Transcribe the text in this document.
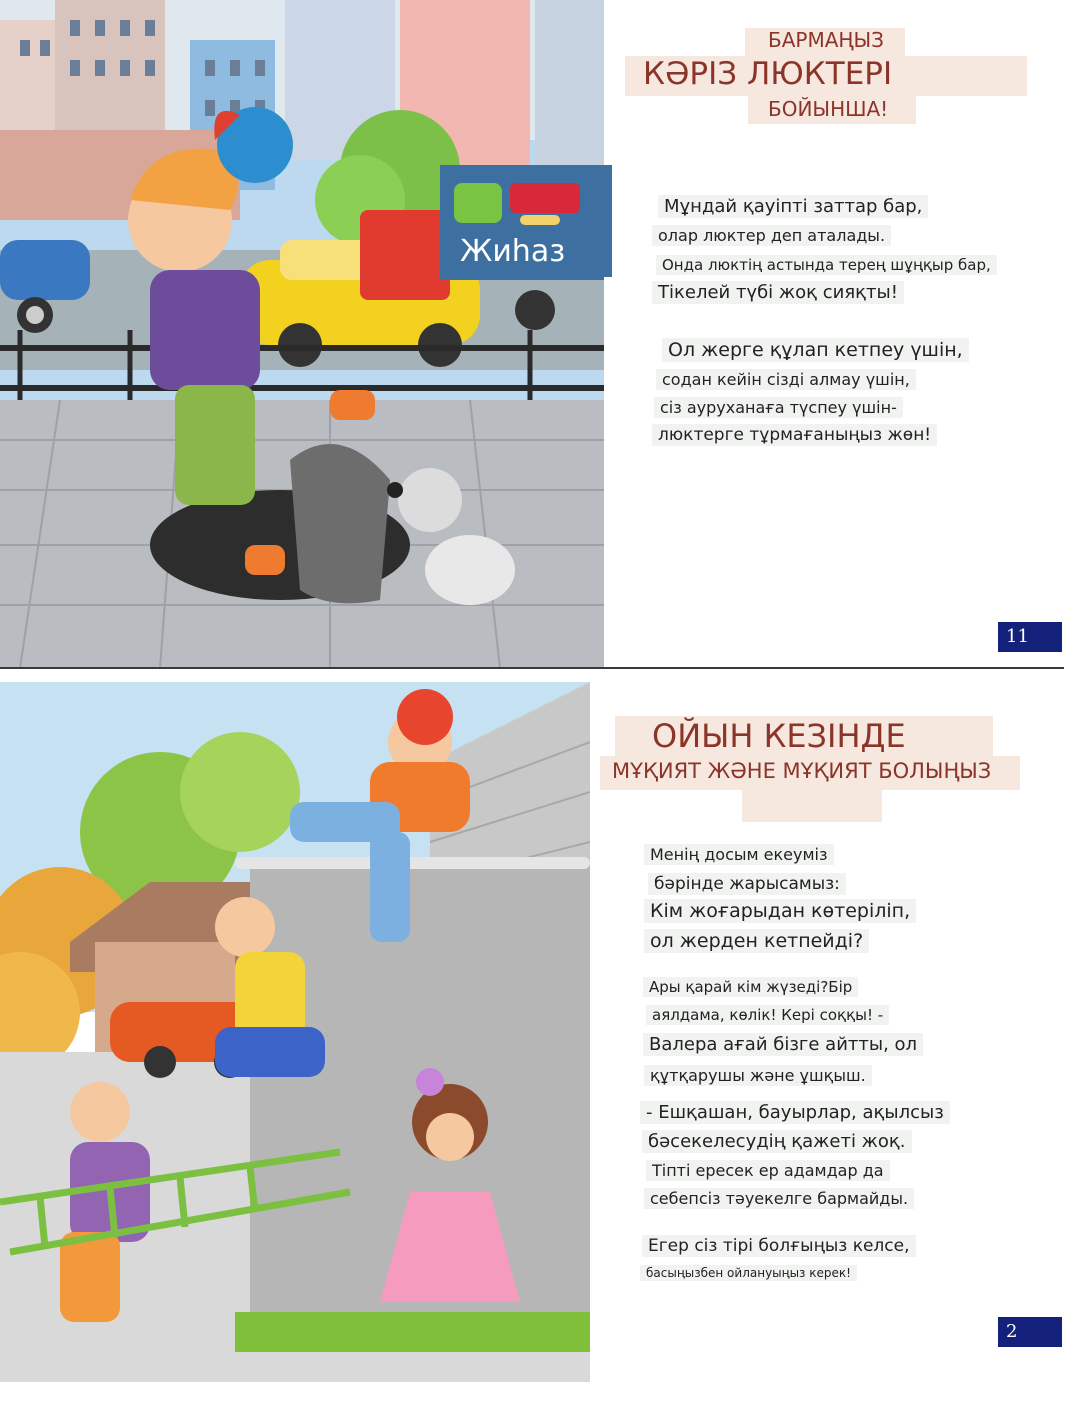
Жиhаз
БАРМАҢЫЗ
КӘРІЗ ЛЮКТЕРІ
БОЙЫНША!
Мұндай қауіпті заттар бар,
олар люктер деп аталады.
Онда люктің астында терең шұңқыр бар,
Тікелей түбі жоқ сияқты!
Ол жерге құлап кетпеу үшін,
содан кейін сізді алмау үшін,
сіз ауруханаға түспеу үшін-
люктерге тұрмағаныңыз жөн!
11
ОЙЫН КЕЗІНДЕ
МҰҚИЯТ ЖӘНЕ МҰҚИЯТ БОЛЫҢЫЗ
Менің досым екеуміз
бәрінде жарысамыз:
Кім жоғарыдан көтеріліп,
ол жерден кетпейді?
Ары қарай кім жүзеді?Бір
аялдама, көлік! Кері соққы! -
Валера ағай бізге айтты, ол
құтқарушы және ұшқыш.
- Ешқашан, бауырлар, ақылсыз
бәсекелесудің қажеті жоқ.
Тіпті ересек ер адамдар да
себепсіз тәуекелге бармайды.
Егер сіз тірі болғыңыз келсе,
басыңызбен ойлануыңыз керек!
2
